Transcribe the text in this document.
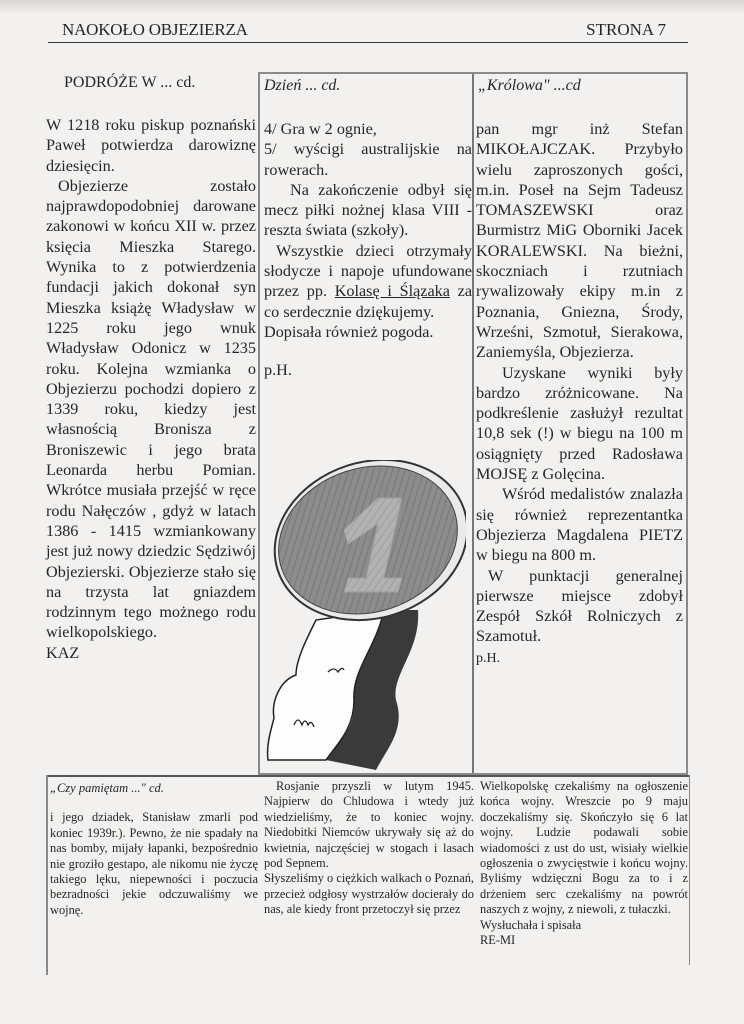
NAOKOŁO OBJEZIERZA	STRONA 7
PODRÓŻE W ... cd.

W 1218 roku piskup poznański Paweł potwierdza darowiznę dziesięcin.

Objezierze zostało najprawdopodobniej darowane zakonowi w końcu XII w. przez księcia Mieszka Starego. Wynika to z potwierdzenia fundacji jakich dokonał syn Mieszka książę Władysław w 1225 roku jego wnuk Władysław Odonicz w 1235 roku. Kolejna wzmianka o Objezierzu pochodzi dopiero z 1339 roku, kiedzy jest własnością Bronisza z Broniszewic i jego brata Leonarda herbu Pomian. Wkrótce musiała przejść w ręce rodu Nałęczów , gdyż w latach 1386 - 1415 wzmiankowany jest już nowy dziedzic Sędziwój Objezierski. Objezierze stało się na trzysta lat gniazdem rodzinnym tego możnego rodu wielkopolskiego.

KAZ

Dzień ... cd.	„Królowa" ...cd

4/ Gra w 2 ognie,

5/ wyścigi australijskie na rowerach.

Na zakończenie odbył się mecz piłki nożnej klasa VIII - reszta świata (szkoły).

Wszystkie dzieci otrzymały słodycze i napoje ufundowane przez pp. Kolasę i Ślązaka za co serdecznie dziękujemy.

Dopisała również pogoda.

p.H.

pan mgr inż Stefan MIKOŁAJCZAK. Przybyło wielu zaproszonych gości, m.in. Poseł na Sejm Tadeusz TOMASZEWSKI oraz Burmistrz MiG Oborniki Jacek KORALEWSKI. Na bieżni, skoczniach i rzutniach rywalizowały ekipy m.in z Poznania, Gniezna, Środy, Wrześni, Szmotuł, Sierakowa, Zaniemyśla, Objezierza.

Uzyskane wyniki były bardzo zróżnicowane. Na podkreślenie zasłużył rezultat 10,8 sek (!) w biegu na 100 m osiągnięty przed Radosława MOJSĘ z Golęcina.

Wśród medalistów znalazła się również reprezentantka Objezierza Magdalena PIETZ w biegu na 800 m.

W punktacji generalnej pierwsze miejsce zdobył Zespół Szkół Rolniczych z Szamotuł.

p.H.

„Czy pamiętam ..." cd.

i jego dziadek, Stanisław zmarli pod koniec 1939r.). Pewno, że nie spadały na nas bomby, mijały łapanki, bezpośrednio nie groziło gestapo, ale nikomu nie życzę takiego lęku, niepewności i poczucia bezradności jekie odczuwaliśmy we wojnę.

Rosjanie przyszli w lutym 1945. Najpierw do Chludowa i wtedy już wiedzieliśmy, że to koniec wojny. Niedobitki Niemców ukrywały się aż do kwietnia, najczęściej w stogach i lasach pod Sepnem.

Słyszeliśmy o ciężkich walkach o Poznań, przecież odgłosy wystrzałów docierały do nas, ale kiedy front przetoczył się przez

Wielkopolskę czekaliśmy na ogłoszenie końca wojny. Wreszcie po 9 maju doczekaliśmy się. Skończyło się 6 lat wojny. Ludzie podawali sobie wiadomości z ust do ust, wisiały wielkie ogłoszenia o zwycięstwie i końcu wojny. Byliśmy wdzięczni Bogu za to i z drżeniem serc czekaliśmy na powrót naszych z wojny, z niewoli, z tułaczki.

Wysłuchała i spisała

RE-MI
